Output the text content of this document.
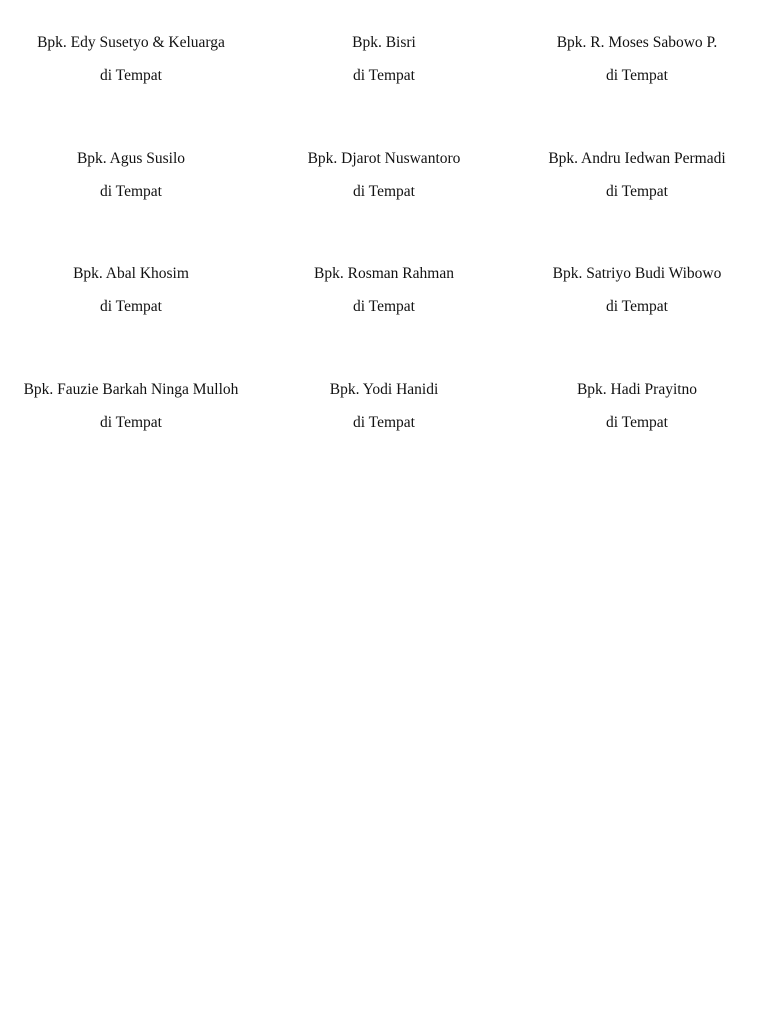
Bpk. Edy Susetyo & Keluarga
di Tempat
Bpk. Bisri
di Tempat
Bpk. R. Moses Sabowo P.
di Tempat
Bpk. Agus Susilo
di Tempat
Bpk. Djarot Nuswantoro
di Tempat
Bpk. Andru Iedwan Permadi
di Tempat
Bpk. Abal Khosim
di Tempat
Bpk. Rosman Rahman
di Tempat
Bpk. Satriyo Budi Wibowo
di Tempat
Bpk. Fauzie Barkah Ninga Mulloh
di Tempat
Bpk. Yodi Hanidi
di Tempat
Bpk. Hadi Prayitno
di Tempat
